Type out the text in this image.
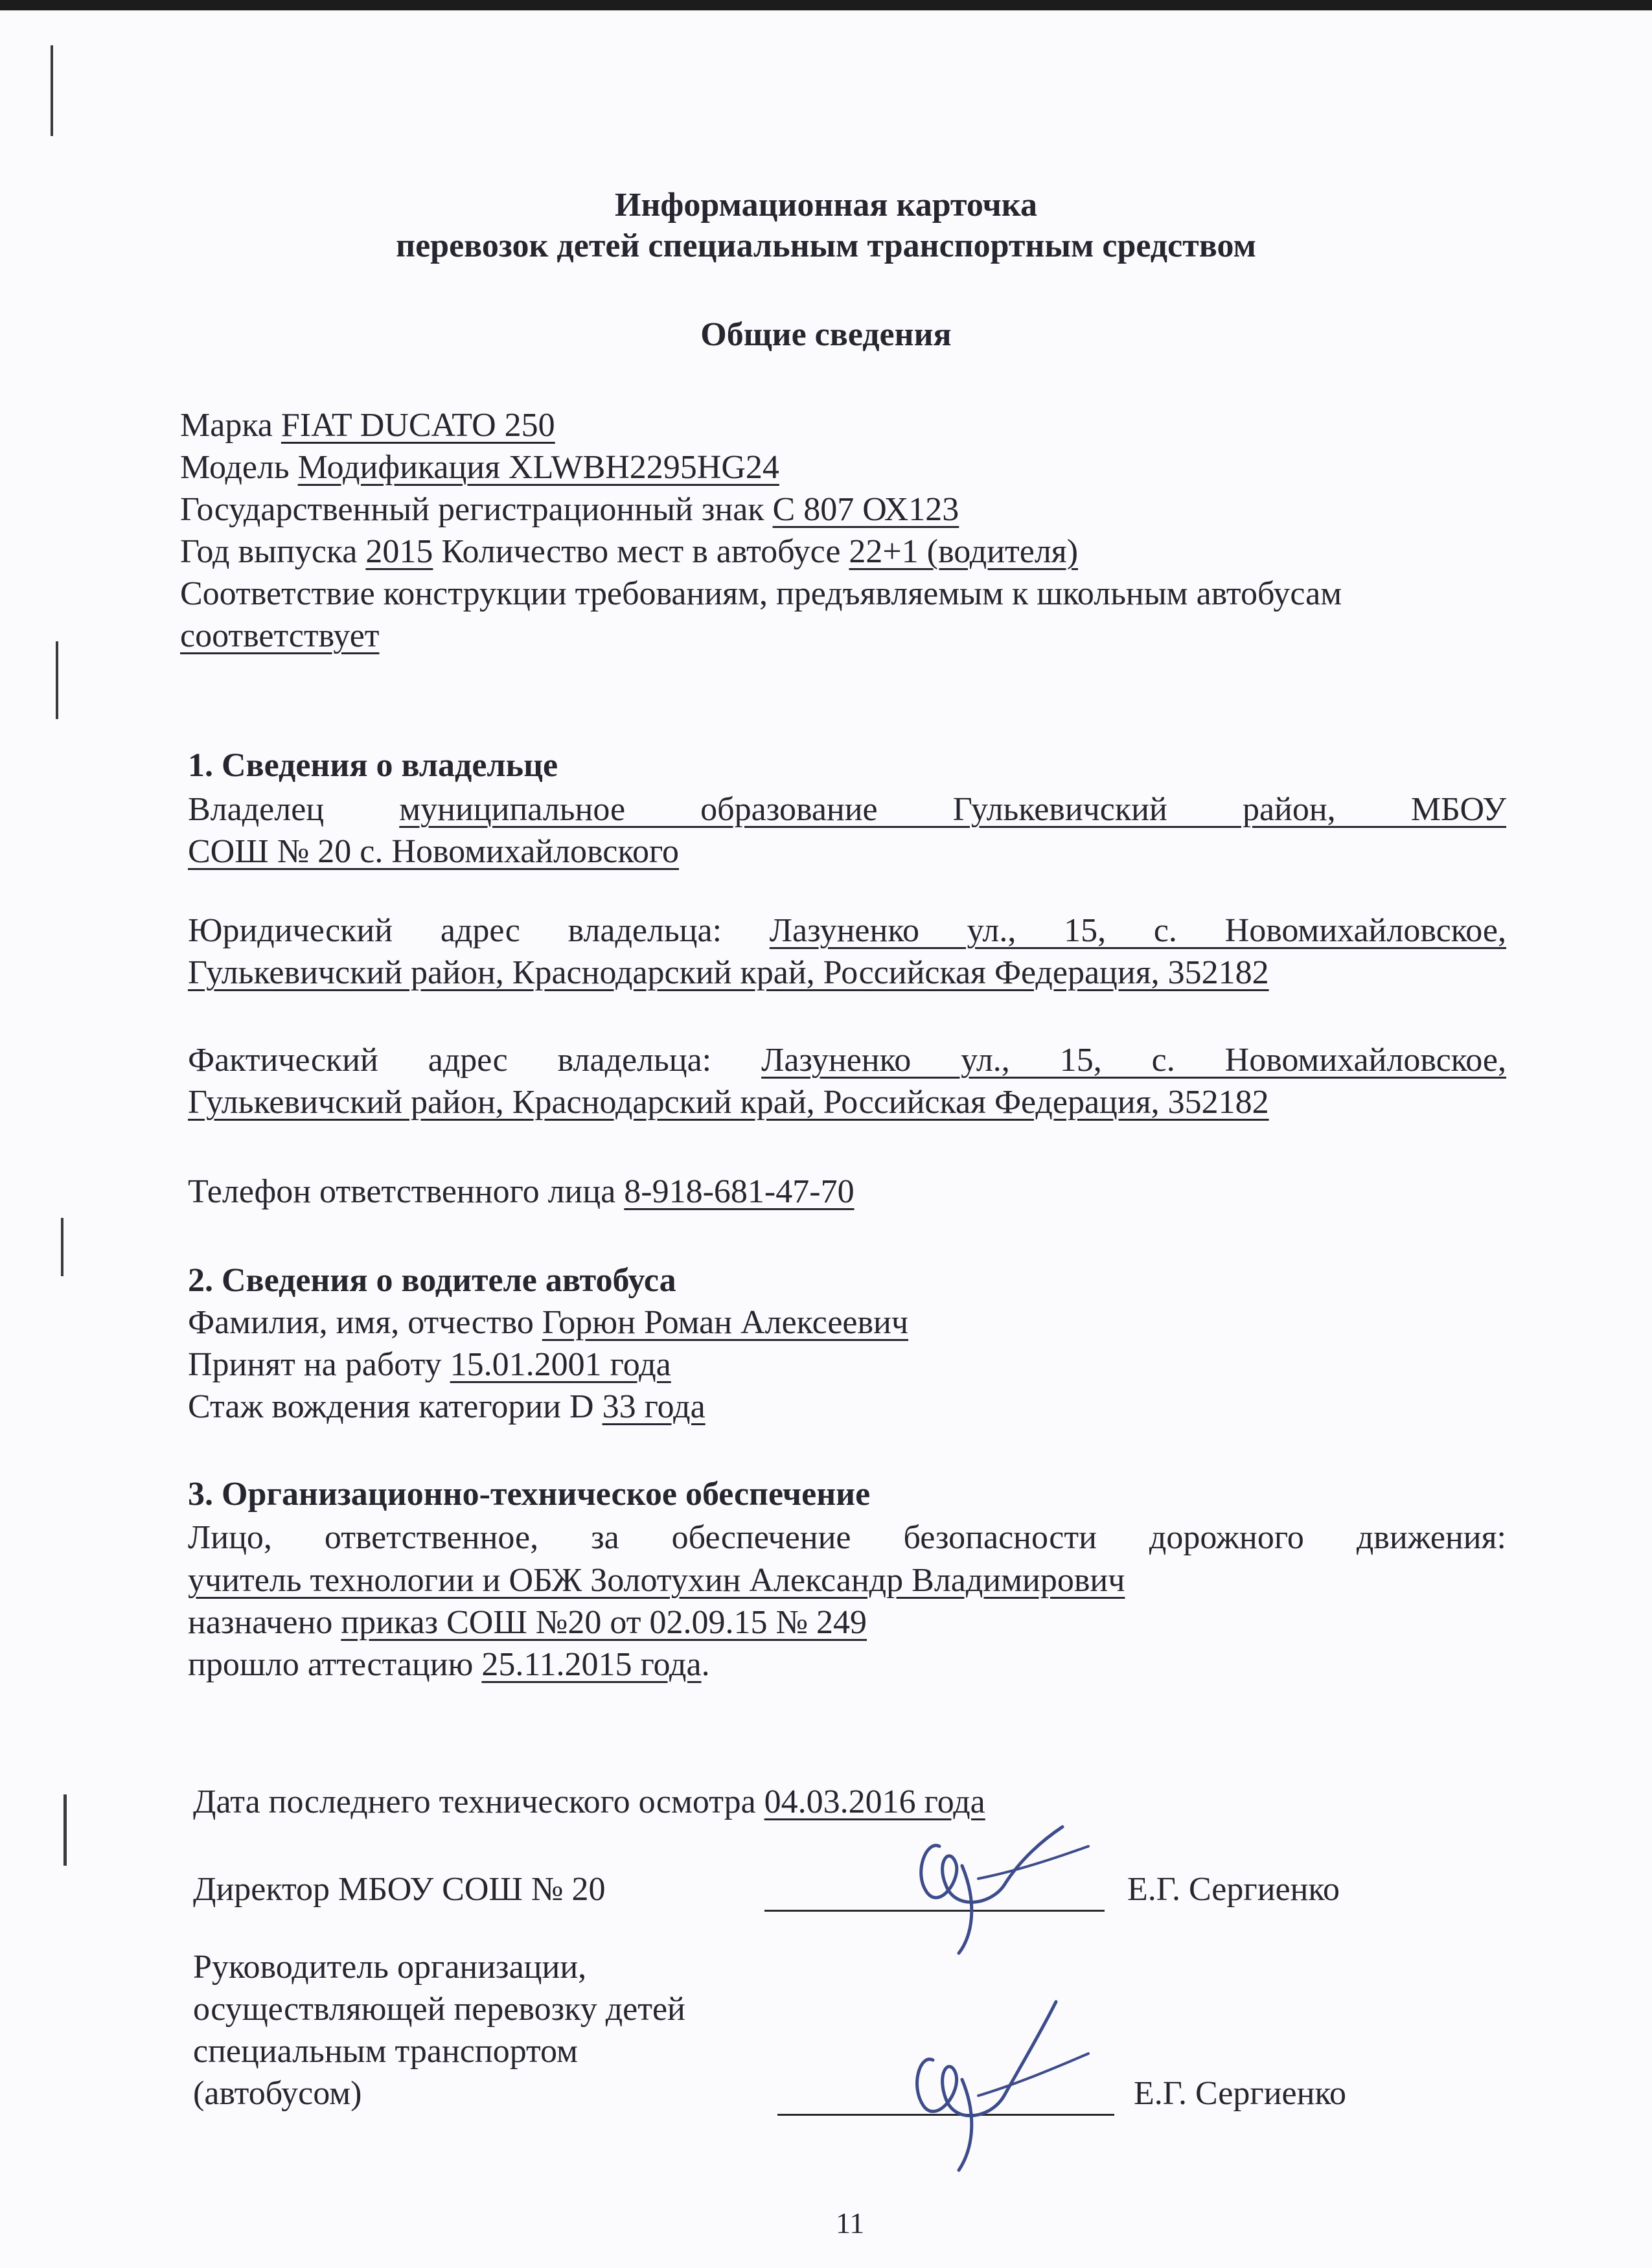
Информационная карточка
перевозок детей специальным транспортным средством
Общие сведения
Марка FIAT DUCATO 250
Модель Модификация XLWBH2295HG24
Государственный регистрационный знак С 807 ОХ123
Год выпуска 2015 Количество мест в автобусе 22+1 (водителя)
Соответствие конструкции требованиям, предъявляемым к школьным автобусам
соответствует
1. Сведения о владельце
Владелец муниципальное образование Гулькевичский район, МБОУ
СОШ № 20 с. Новомихайловского
Юридический адрес владельца: Лазуненко ул., 15, с. Новомихайловское,
Гулькевичский район, Краснодарский край, Российская Федерация, 352182
Фактический адрес владельца: Лазуненко ул., 15, с. Новомихайловское,
Гулькевичский район, Краснодарский край, Российская Федерация, 352182
Телефон ответственного лица 8-918-681-47-70
2. Сведения о водителе автобуса
Фамилия, имя, отчество Горюн Роман Алексеевич
Принят на работу 15.01.2001 года
Стаж вождения категории D 33 года
3. Организационно-техническое обеспечение
Лицо, ответственное, за обеспечение безопасности дорожного движения:
учитель технологии и ОБЖ Золотухин Александр Владимирович
назначено приказ СОШ №20 от 02.09.15 № 249
прошло аттестацию 25.11.2015 года.
Дата последнего технического осмотра 04.03.2016 года
Директор МБОУ СОШ № 20	Е.Г. Сергиенко
Руководитель организации,
осуществляющей перевозку детей
специальным транспортом
(автобусом)	Е.Г. Сергиенко
11
